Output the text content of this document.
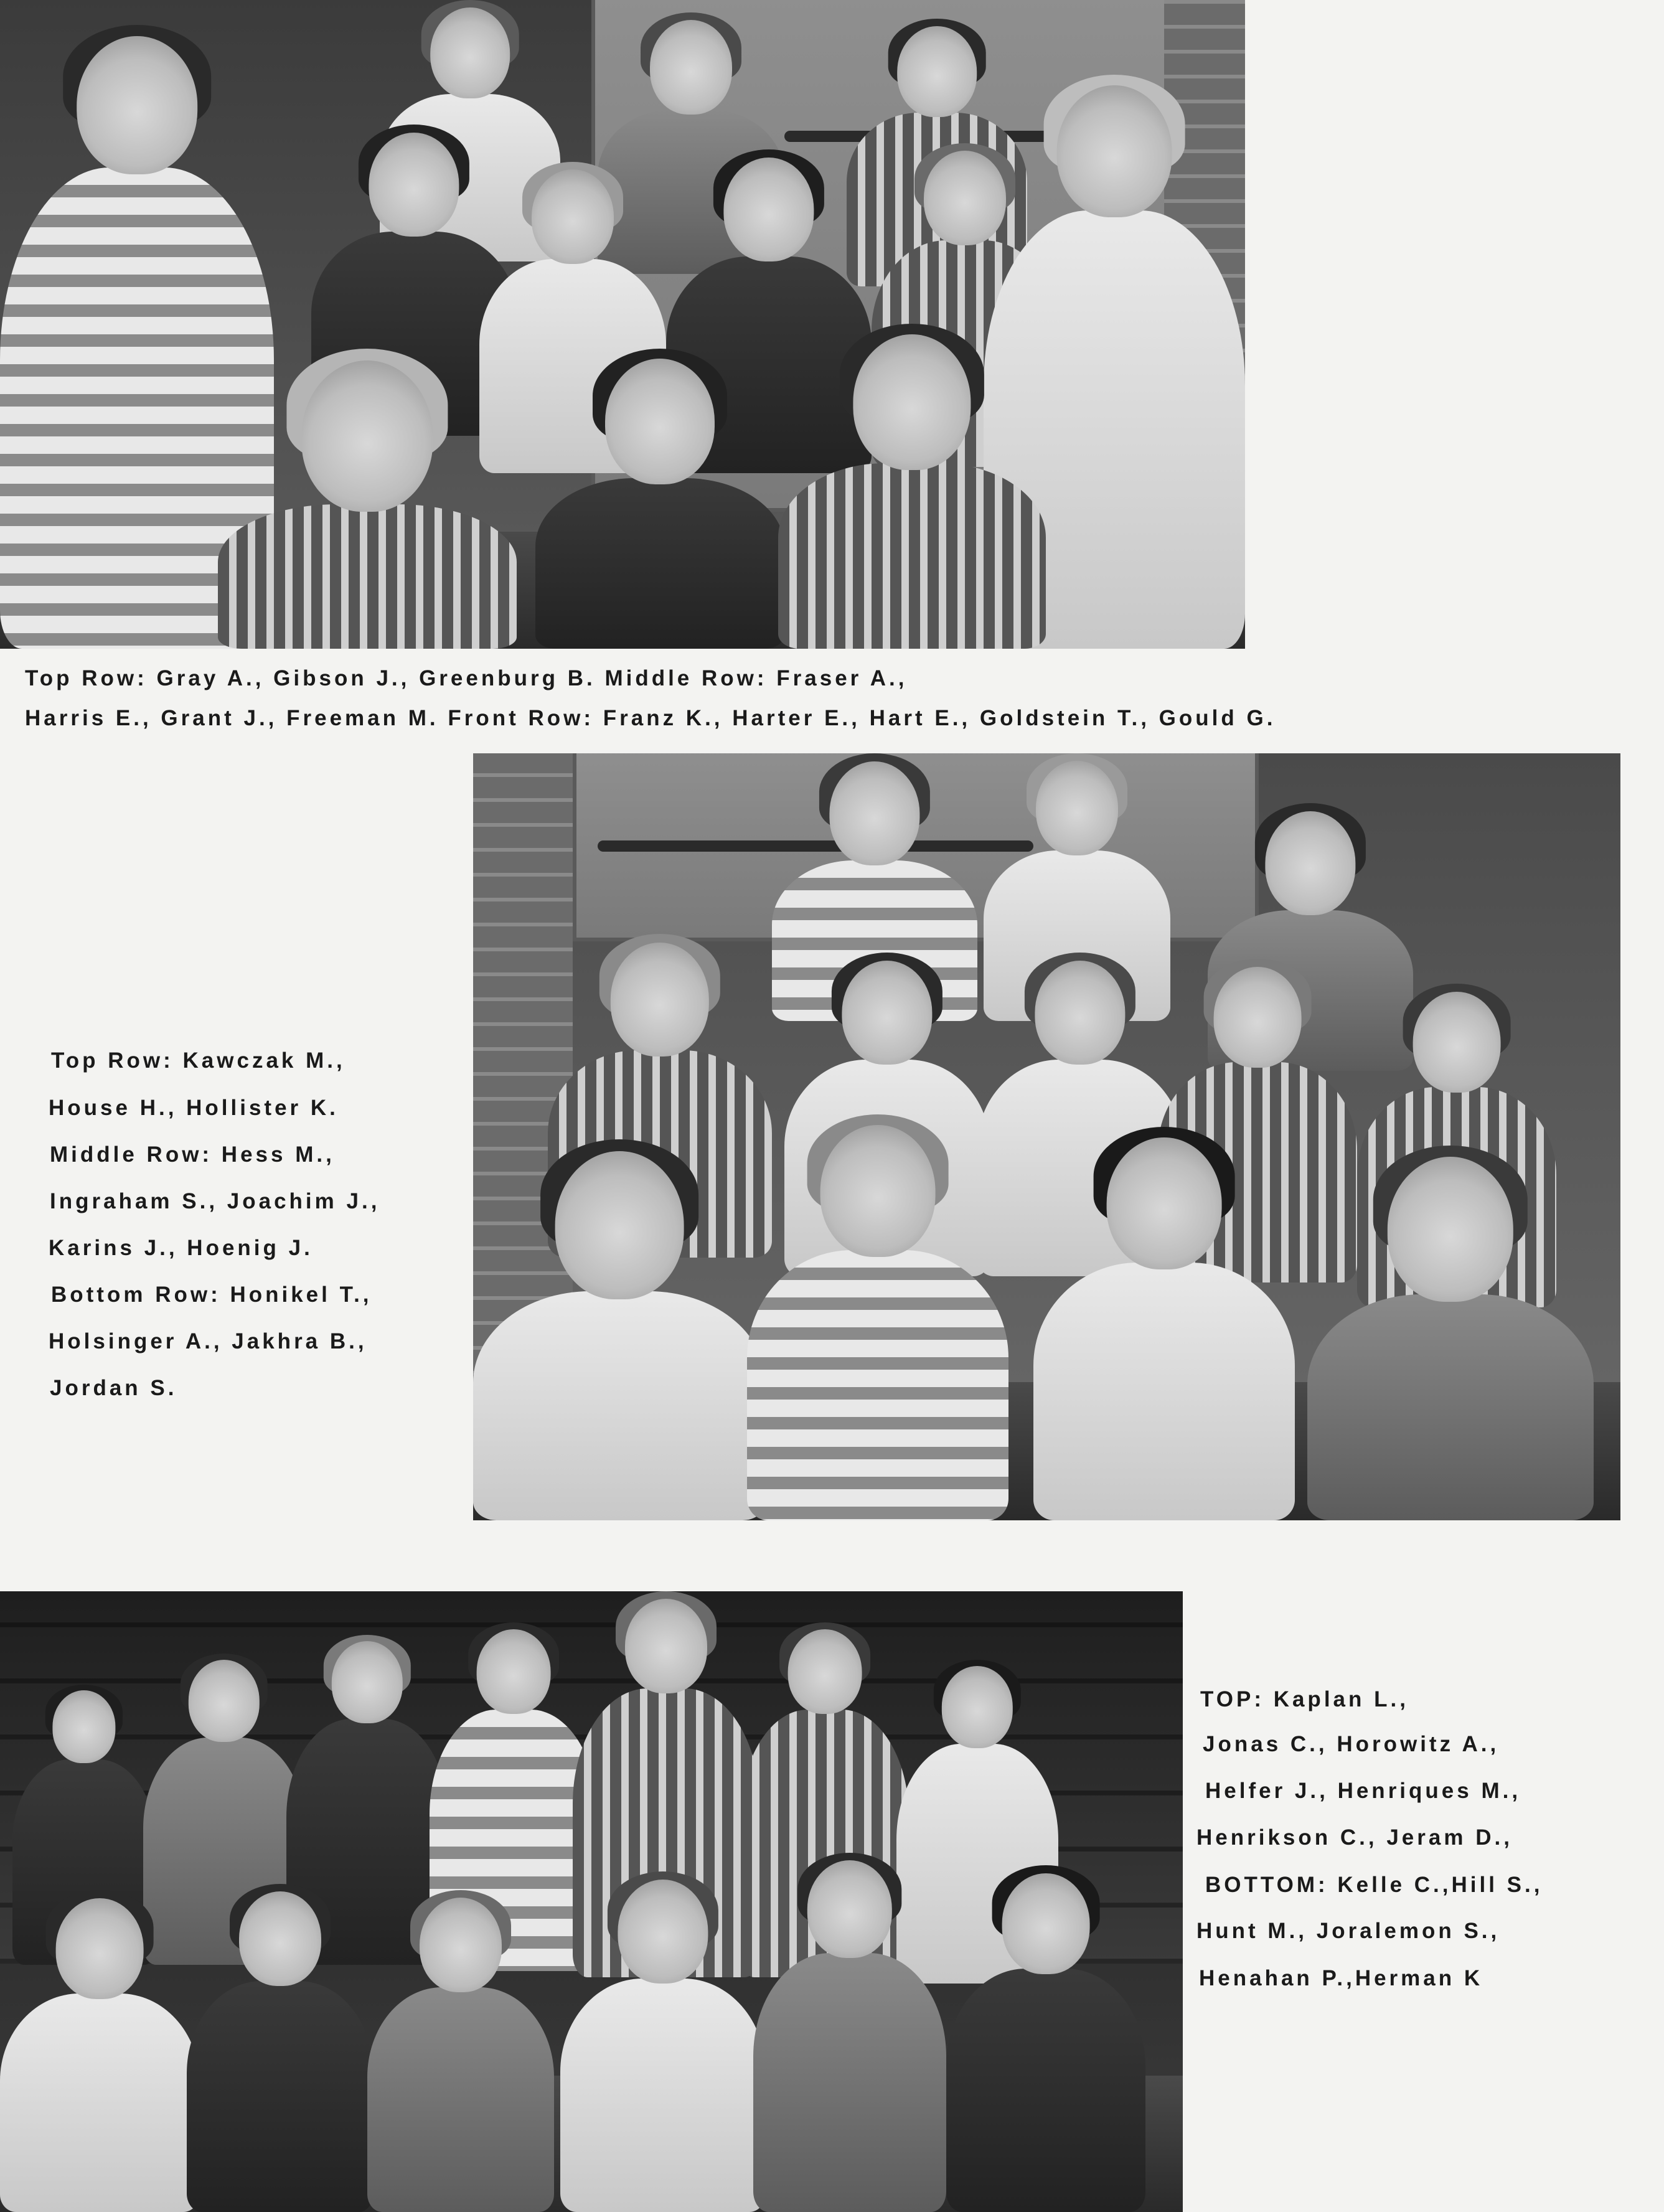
Top Row: Gray A., Gibson J., Greenburg B. Middle Row: Fraser A.,
Harris E., Grant J., Freeman M. Front Row: Franz K., Harter E., Hart E., Goldstein T., Gould G.
Top Row: Kawczak M.,
House H., Hollister K.
Middle Row: Hess M.,
Ingraham S., Joachim J.,
Karins J., Hoenig J.
Bottom Row: Honikel T.,
Holsinger A., Jakhra B.,
Jordan S.
TOP: Kaplan L.,
Jonas C., Horowitz A.,
Helfer J., Henriques M.,
Henrikson C., Jeram D.,
BOTTOM: Kelle C.,Hill S.,
Hunt M., Joralemon S.,
Henahan P.,Herman K
